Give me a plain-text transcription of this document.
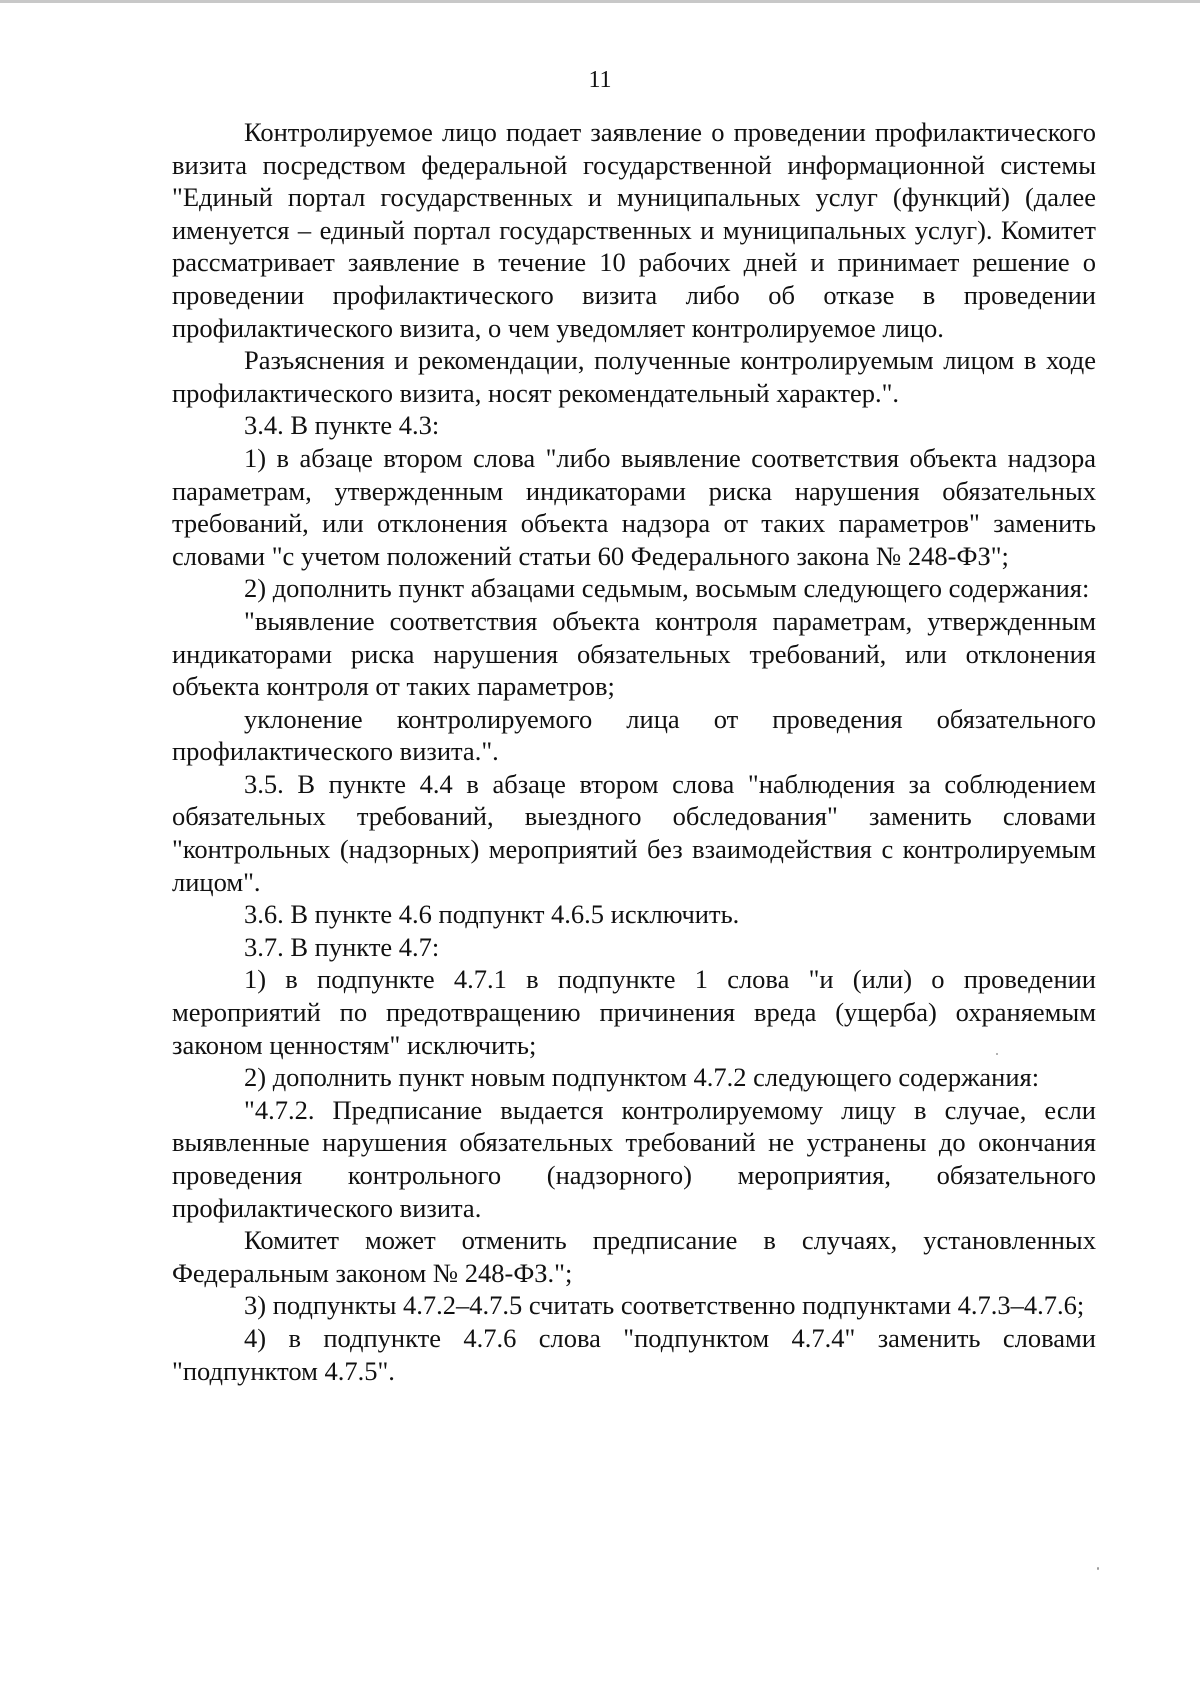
11

Контролируемое лицо подает заявление о проведении профилактического визита посредством федеральной государственной информационной системы "Единый портал государственных и муниципальных услуг (функций) (далее именуется – единый портал государственных и муниципальных услуг). Комитет рассматривает заявление в течение 10 рабочих дней и принимает решение о проведении профилактического визита либо об отказе в проведении профилактического визита, о чем уведомляет контролируемое лицо.

Разъяснения и рекомендации, полученные контролируемым лицом в ходе профилактического визита, носят рекомендательный характер.".

3.4. В пункте 4.3:

1) в абзаце втором слова "либо выявление соответствия объекта надзора параметрам, утвержденным индикаторами риска нарушения обязательных требований, или отклонения объекта надзора от таких параметров" заменить словами "с учетом положений статьи 60 Федерального закона № 248-ФЗ";

2) дополнить пункт абзацами седьмым, восьмым следующего содержания:

"выявление соответствия объекта контроля параметрам, утвержденным индикаторами риска нарушения обязательных требований, или отклонения объекта контроля от таких параметров;

уклонение контролируемого лица от проведения обязательного профилактического визита.".

3.5. В пункте 4.4 в абзаце втором слова "наблюдения за соблюдением обязательных требований, выездного обследования" заменить словами "контрольных (надзорных) мероприятий без взаимодействия с контролируемым лицом".

3.6. В пункте 4.6 подпункт 4.6.5 исключить.

3.7. В пункте 4.7:

1) в подпункте 4.7.1 в подпункте 1 слова "и (или) о проведении мероприятий по предотвращению причинения вреда (ущерба) охраняемым законом ценностям" исключить;

2) дополнить пункт новым подпунктом 4.7.2 следующего содержания:

"4.7.2. Предписание выдается контролируемому лицу в случае, если выявленные нарушения обязательных требований не устранены до окончания проведения контрольного (надзорного) мероприятия, обязательного профилактического визита.

Комитет может отменить предписание в случаях, установленных Федеральным законом № 248-ФЗ.";

3) подпункты 4.7.2–4.7.5 считать соответственно подпунктами 4.7.3–4.7.6;

4) в подпункте 4.7.6 слова "подпунктом 4.7.4" заменить словами "подпунктом 4.7.5".
